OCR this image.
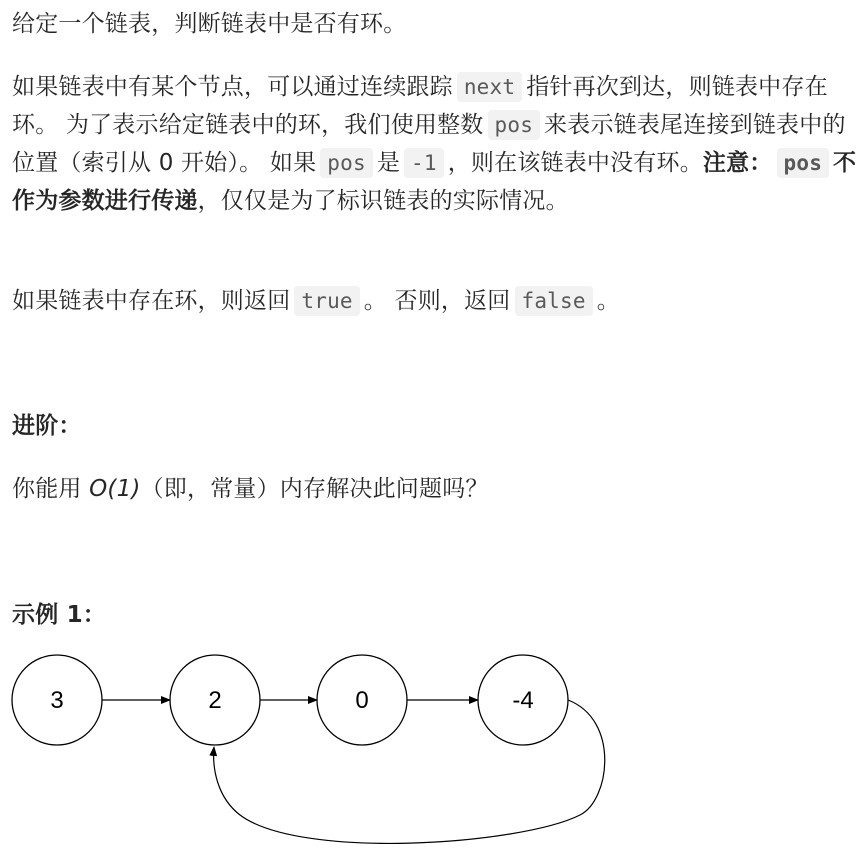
给定一个链表，判断链表中是否有环。

如果链表中有某个节点，可以通过连续跟踪 next 指针再次到达，则链表中存在环。 为了表示给定链表中的环，我们使用整数 pos 来表示链表尾连接到链表中的位置（索引从 0 开始）。 如果 pos 是 -1 ，则在该链表中没有环。注意： pos 不作为参数进行传递，仅仅是为了标识链表的实际情况。

如果链表中存在环，则返回 true 。 否则，返回 false 。

进阶：

你能用 O(1)（即，常量）内存解决此问题吗？

示例 1：

3	2	0	-4
